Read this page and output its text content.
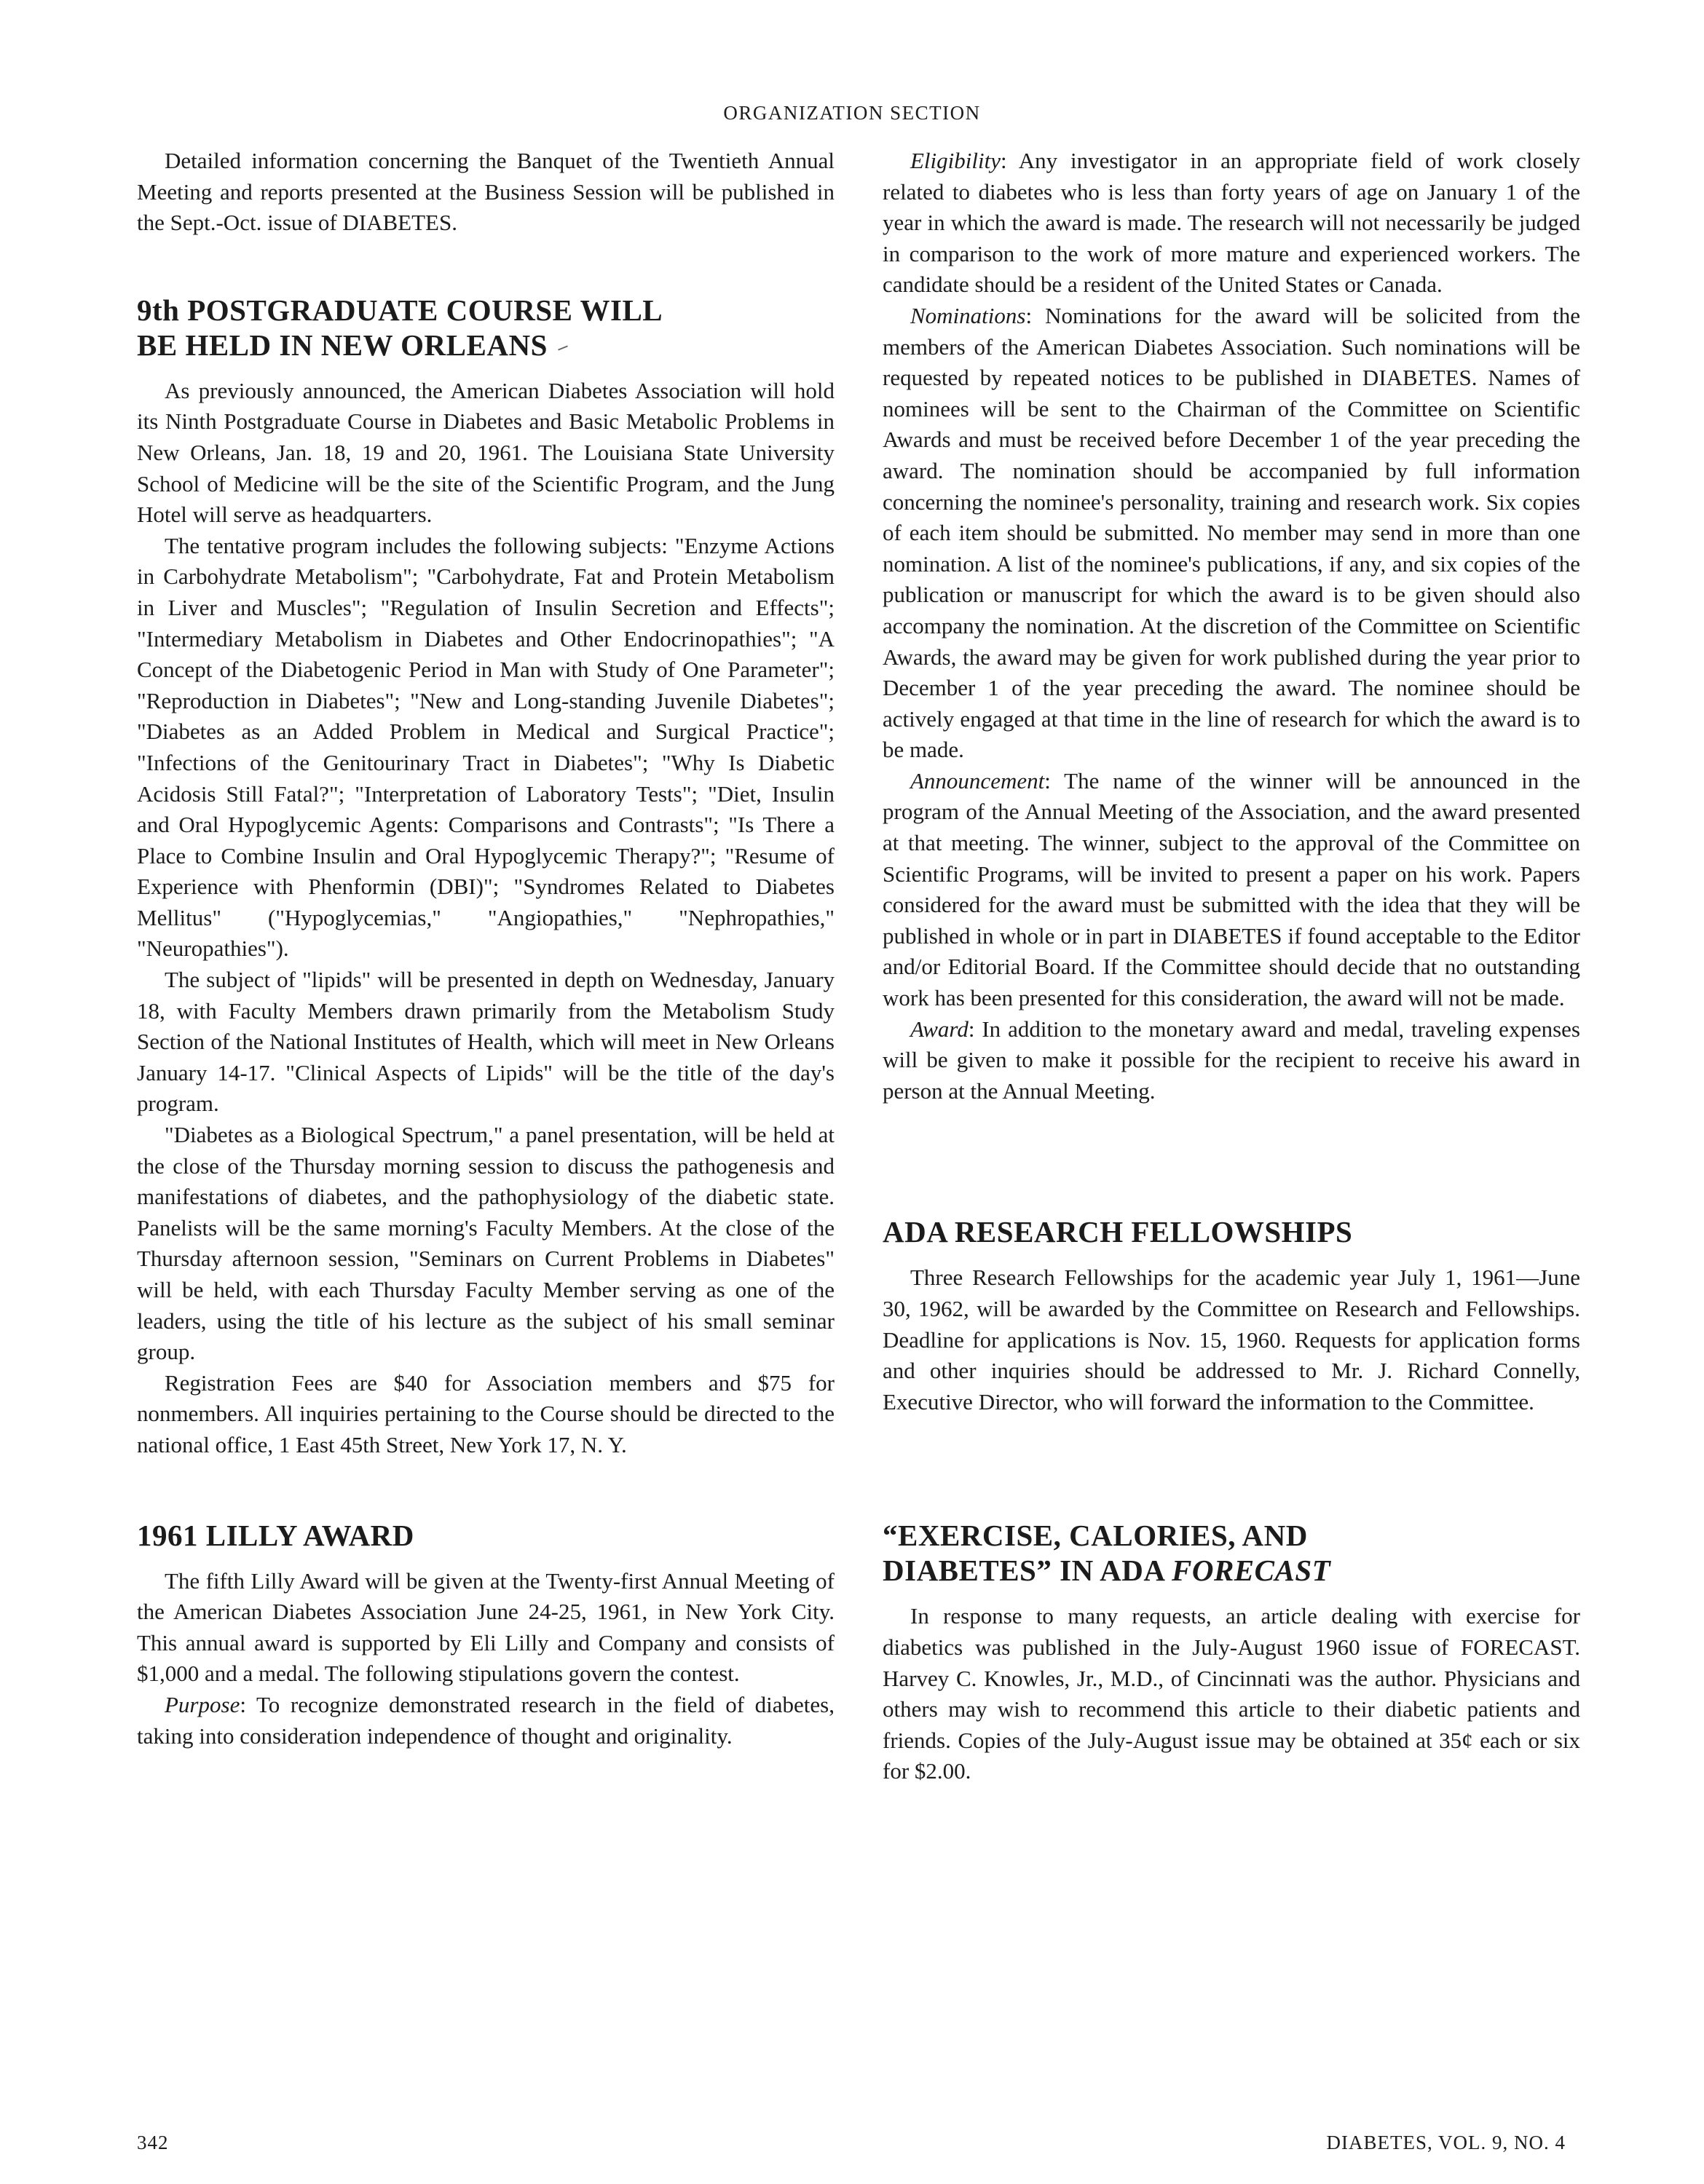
ORGANIZATION SECTION

Detailed information concerning the Banquet of the Twentieth Annual Meeting and reports presented at the Business Session will be published in the Sept.-Oct. issue of DIABETES.

9th POSTGRADUATE COURSE WILL
BE HELD IN NEW ORLEANS

As previously announced, the American Diabetes Association will hold its Ninth Postgraduate Course in Diabetes and Basic Metabolic Problems in New Orleans, Jan. 18, 19 and 20, 1961. The Louisiana State University School of Medicine will be the site of the Scientific Program, and the Jung Hotel will serve as headquarters.

The tentative program includes the following subjects: "Enzyme Actions in Carbohydrate Metabolism"; "Carbohydrate, Fat and Protein Metabolism in Liver and Muscles"; "Regulation of Insulin Secretion and Effects"; "Intermediary Metabolism in Diabetes and Other Endocrinopathies"; "A Concept of the Diabetogenic Period in Man with Study of One Parameter"; "Reproduction in Diabetes"; "New and Long-standing Juvenile Diabetes"; "Diabetes as an Added Problem in Medical and Surgical Practice"; "Infections of the Genitourinary Tract in Diabetes"; "Why Is Diabetic Acidosis Still Fatal?"; "Interpretation of Laboratory Tests"; "Diet, Insulin and Oral Hypoglycemic Agents: Comparisons and Contrasts"; "Is There a Place to Combine Insulin and Oral Hypoglycemic Therapy?"; "Resume of Experience with Phenformin (DBI)"; "Syndromes Related to Diabetes Mellitus" ("Hypoglycemias," "Angiopathies," "Nephropathies," "Neuropathies").

The subject of "lipids" will be presented in depth on Wednesday, January 18, with Faculty Members drawn primarily from the Metabolism Study Section of the National Institutes of Health, which will meet in New Orleans January 14-17. "Clinical Aspects of Lipids" will be the title of the day's program.

"Diabetes as a Biological Spectrum," a panel presentation, will be held at the close of the Thursday morning session to discuss the pathogenesis and manifestations of diabetes, and the pathophysiology of the diabetic state. Panelists will be the same morning's Faculty Members. At the close of the Thursday afternoon session, "Seminars on Current Problems in Diabetes" will be held, with each Thursday Faculty Member serving as one of the leaders, using the title of his lecture as the subject of his small seminar group.

Registration Fees are $40 for Association members and $75 for nonmembers. All inquiries pertaining to the Course should be directed to the national office, 1 East 45th Street, New York 17, N. Y.

1961 LILLY AWARD

The fifth Lilly Award will be given at the Twenty-first Annual Meeting of the American Diabetes Association June 24-25, 1961, in New York City. This annual award is supported by Eli Lilly and Company and consists of $1,000 and a medal. The following stipulations govern the contest.

Purpose: To recognize demonstrated research in the field of diabetes, taking into consideration independence of thought and originality.

Eligibility: Any investigator in an appropriate field of work closely related to diabetes who is less than forty years of age on January 1 of the year in which the award is made. The research will not necessarily be judged in comparison to the work of more mature and experienced workers. The candidate should be a resident of the United States or Canada.

Nominations: Nominations for the award will be solicited from the members of the American Diabetes Association. Such nominations will be requested by repeated notices to be published in DIABETES. Names of nominees will be sent to the Chairman of the Committee on Scientific Awards and must be received before December 1 of the year preceding the award. The nomination should be accompanied by full information concerning the nominee's personality, training and research work. Six copies of each item should be submitted. No member may send in more than one nomination. A list of the nominee's publications, if any, and six copies of the publication or manuscript for which the award is to be given should also accompany the nomination. At the discretion of the Committee on Scientific Awards, the award may be given for work published during the year prior to December 1 of the year preceding the award. The nominee should be actively engaged at that time in the line of research for which the award is to be made.

Announcement: The name of the winner will be announced in the program of the Annual Meeting of the Association, and the award presented at that meeting. The winner, subject to the approval of the Committee on Scientific Programs, will be invited to present a paper on his work. Papers considered for the award must be submitted with the idea that they will be published in whole or in part in DIABETES if found acceptable to the Editor and/or Editorial Board. If the Committee should decide that no outstanding work has been presented for this consideration, the award will not be made.

Award: In addition to the monetary award and medal, traveling expenses will be given to make it possible for the recipient to receive his award in person at the Annual Meeting.

ADA RESEARCH FELLOWSHIPS

Three Research Fellowships for the academic year July 1, 1961—June 30, 1962, will be awarded by the Committee on Research and Fellowships. Deadline for applications is Nov. 15, 1960. Requests for application forms and other inquiries should be addressed to Mr. J. Richard Connelly, Executive Director, who will forward the information to the Committee.

“EXERCISE, CALORIES, AND
DIABETES” IN ADA FORECAST

In response to many requests, an article dealing with exercise for diabetics was published in the July-August 1960 issue of FORECAST. Harvey C. Knowles, Jr., M.D., of Cincinnati was the author. Physicians and others may wish to recommend this article to their diabetic patients and friends. Copies of the July-August issue may be obtained at 35¢ each or six for $2.00.

342	DIABETES, VOL. 9, NO. 4
